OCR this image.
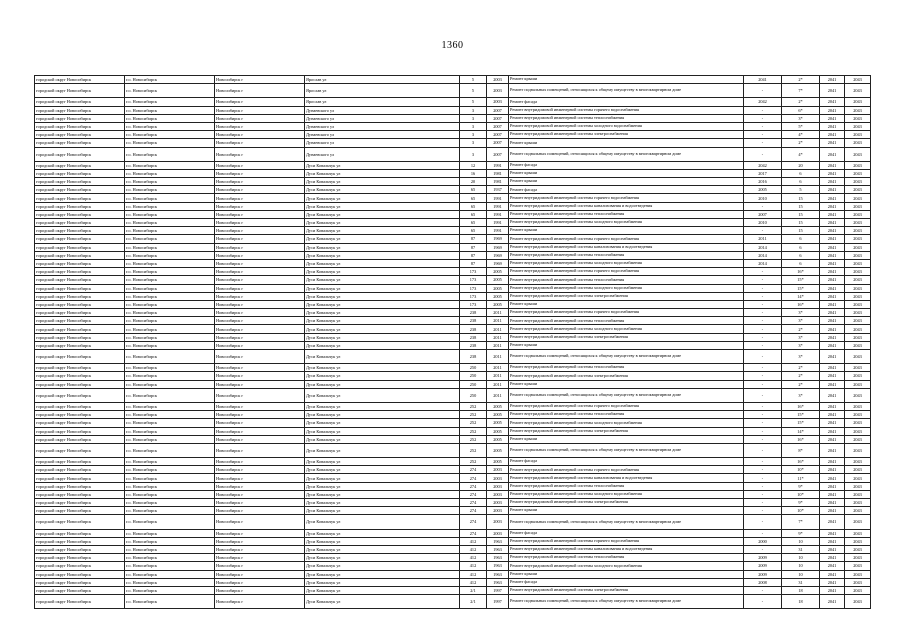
1360
городской округ Новосибирск	г.о. Новосибирск	Новосибирск г	Ярослав ул	5	2003	Ремонт крыши	2041	2*	2041	2043
городской округ Новосибирск	г.о. Новосибирск	Новосибирск г	Ярослав ул	5	2003	Ремонт подвальных помещений, относящихся к общему имуществу в многоквартирном доме	-	7*	2041	2043
городской округ Новосибирск	г.о. Новосибирск	Новосибирск г	Ярослав ул	5	2003	Ремонт фасада	2042	2*	2041	2043
городской округ Новосибирск	г.о. Новосибирск	Новосибирск г	Дунаевского ул	3	2007	Ремонт внутридомовой инженерной системы горячего водоснабжения	-	6*	2041	2043
городской округ Новосибирск	г.о. Новосибирск	Новосибирск г	Дунаевского ул	3	2007	Ремонт внутридомовой инженерной системы теплоснабжения	-	3*	2041	2043
городской округ Новосибирск	г.о. Новосибирск	Новосибирск г	Дунаевского ул	3	2007	Ремонт внутридомовой инженерной системы холодного водоснабжения	-	5*	2041	2043
городской округ Новосибирск	г.о. Новосибирск	Новосибирск г	Дунаевского ул	3	2007	Ремонт внутридомовой инженерной системы электроснабжения	-	4*	2041	2043
городской округ Новосибирск	г.о. Новосибирск	Новосибирск г	Дунаевского ул	3	2007	Ремонт крыши	-	2*	2041	2043
городской округ Новосибирск	г.о. Новосибирск	Новосибирск г	Дунаевского ул	3	2007	Ремонт подвальных помещений, относящихся к общему имуществу в многоквартирном доме	-	4*	2041	2043
городской округ Новосибирск	г.о. Новосибирск	Новосибирск г	Дуси Ковальчук ул	12	1991	Ремонт фасада	2042	20	2041	2043
городской округ Новосибирск	г.о. Новосибирск	Новосибирск г	Дуси Ковальчук ул	16	1981	Ремонт крыши	2017	6	2041	2043
городской округ Новосибирск	г.о. Новосибирск	Новосибирск г	Дуси Ковальчук ул	20	1981	Ремонт крыши	2016	6	2041	2043
городской округ Новосибирск	г.о. Новосибирск	Новосибирск г	Дуси Ковальчук ул	65	1937	Ремонт фасада	2005	5	2041	2043
городской округ Новосибирск	г.о. Новосибирск	Новосибирск г	Дуси Ковальчук ул	65	1991	Ремонт внутридомовой инженерной системы горячего водоснабжения	2010	15	2041	2043
городской округ Новосибирск	г.о. Новосибирск	Новосибирск г	Дуси Ковальчук ул	65	1991	Ремонт внутридомовой инженерной системы канализования и водоотведения	-	15	2041	2043
городской округ Новосибирск	г.о. Новосибирск	Новосибирск г	Дуси Ковальчук ул	65	1991	Ремонт внутридомовой инженерной системы теплоснабжения	2007	15	2041	2043
городской округ Новосибирск	г.о. Новосибирск	Новосибирск г	Дуси Ковальчук ул	65	1991	Ремонт внутридомовой инженерной системы холодного водоснабжения	2010	15	2041	2043
городской округ Новосибирск	г.о. Новосибирск	Новосибирск г	Дуси Ковальчук ул	65	1991	Ремонт крыши	-	15	2041	2043
городской округ Новосибирск	г.о. Новосибирск	Новосибирск г	Дуси Ковальчук ул	87	1969	Ремонт внутридомовой инженерной системы горячего водоснабжения	2011	6	2041	2043
городской округ Новосибирск	г.о. Новосибирск	Новосибирск г	Дуси Ковальчук ул	87	1969	Ремонт внутридомовой инженерной системы канализования и водоотведения	2014	6	2041	2043
городской округ Новосибирск	г.о. Новосибирск	Новосибирск г	Дуси Ковальчук ул	87	1969	Ремонт внутридомовой инженерной системы теплоснабжения	2014	6	2041	2043
городской округ Новосибирск	г.о. Новосибирск	Новосибирск г	Дуси Ковальчук ул	87	1969	Ремонт внутридомовой инженерной системы холодного водоснабжения	2014	6	2041	2043
городской округ Новосибирск	г.о. Новосибирск	Новосибирск г	Дуси Ковальчук ул	173	2005	Ремонт внутридомовой инженерной системы горячего водоснабжения	-	16*	2041	2043
городской округ Новосибирск	г.о. Новосибирск	Новосибирск г	Дуси Ковальчук ул	173	2005	Ремонт внутридомовой инженерной системы теплоснабжения	-	15*	2041	2043
городской округ Новосибирск	г.о. Новосибирск	Новосибирск г	Дуси Ковальчук ул	173	2005	Ремонт внутридомовой инженерной системы холодного водоснабжения	-	15*	2041	2043
городской округ Новосибирск	г.о. Новосибирск	Новосибирск г	Дуси Ковальчук ул	173	2005	Ремонт внутридомовой инженерной системы электроснабжения	-	14*	2041	2043
городской округ Новосибирск	г.о. Новосибирск	Новосибирск г	Дуси Ковальчук ул	173	2005	Ремонт крыши	-	16*	2041	2043
городской округ Новосибирск	г.о. Новосибирск	Новосибирск г	Дуси Ковальчук ул	238	2011	Ремонт внутридомовой инженерной системы горячего водоснабжения	-	3*	2041	2043
городской округ Новосибирск	г.о. Новосибирск	Новосибирск г	Дуси Ковальчук ул	238	2011	Ремонт внутридомовой инженерной системы теплоснабжения	-	3*	2041	2043
городской округ Новосибирск	г.о. Новосибирск	Новосибирск г	Дуси Ковальчук ул	238	2011	Ремонт внутридомовой инженерной системы холодного водоснабжения	-	2*	2041	2043
городской округ Новосибирск	г.о. Новосибирск	Новосибирск г	Дуси Ковальчук ул	238	2011	Ремонт внутридомовой инженерной системы электроснабжения	-	3*	2041	2043
городской округ Новосибирск	г.о. Новосибирск	Новосибирск г	Дуси Ковальчук ул	238	2011	Ремонт крыши	-	3*	2041	2043
городской округ Новосибирск	г.о. Новосибирск	Новосибирск г	Дуси Ковальчук ул	238	2011	Ремонт подвальных помещений, относящихся к общему имуществу в многоквартирном доме	-	3*	2041	2043
городской округ Новосибирск	г.о. Новосибирск	Новосибирск г	Дуси Ковальчук ул	250	2011	Ремонт внутридомовой инженерной системы теплоснабжения	-	2*	2041	2043
городской округ Новосибирск	г.о. Новосибирск	Новосибирск г	Дуси Ковальчук ул	250	2011	Ремонт внутридомовой инженерной системы электроснабжения	-	2*	2041	2043
городской округ Новосибирск	г.о. Новосибирск	Новосибирск г	Дуси Ковальчук ул	250	2011	Ремонт крыши	-	2*	2041	2043
городской округ Новосибирск	г.о. Новосибирск	Новосибирск г	Дуси Ковальчук ул	250	2011	Ремонт подвальных помещений, относящихся к общему имуществу в многоквартирном доме	-	3*	2041	2043
городской округ Новосибирск	г.о. Новосибирск	Новосибирск г	Дуси Ковальчук ул	252	2005	Ремонт внутридомовой инженерной системы горячего водоснабжения	-	16*	2041	2043
городской округ Новосибирск	г.о. Новосибирск	Новосибирск г	Дуси Ковальчук ул	252	2005	Ремонт внутридомовой инженерной системы теплоснабжения	-	15*	2041	2043
городской округ Новосибирск	г.о. Новосибирск	Новосибирск г	Дуси Ковальчук ул	252	2005	Ремонт внутридомовой инженерной системы холодного водоснабжения	-	15*	2041	2043
городской округ Новосибирск	г.о. Новосибирск	Новосибирск г	Дуси Ковальчук ул	252	2005	Ремонт внутридомовой инженерной системы электроснабжения	-	14*	2041	2043
городской округ Новосибирск	г.о. Новосибирск	Новосибирск г	Дуси Ковальчук ул	252	2005	Ремонт крыши	-	16*	2041	2043
городской округ Новосибирск	г.о. Новосибирск	Новосибирск г	Дуси Ковальчук ул	252	2005	Ремонт подвальных помещений, относящихся к общему имуществу в многоквартирном доме	-	8*	2041	2043
городской округ Новосибирск	г.о. Новосибирск	Новосибирск г	Дуси Ковальчук ул	252	2005	Ремонт фасада	-	16*	2041	2043
городской округ Новосибирск	г.о. Новосибирск	Новосибирск г	Дуси Ковальчук ул	274	2003	Ремонт внутридомовой инженерной системы горячего водоснабжения	-	10*	2041	2043
городской округ Новосибирск	г.о. Новосибирск	Новосибирск г	Дуси Ковальчук ул	274	2003	Ремонт внутридомовой инженерной системы канализования и водоотведения	-	11*	2041	2043
городской округ Новосибирск	г.о. Новосибирск	Новосибирск г	Дуси Ковальчук ул	274	2003	Ремонт внутридомовой инженерной системы теплоснабжения	-	9*	2041	2043
городской округ Новосибирск	г.о. Новосибирск	Новосибирск г	Дуси Ковальчук ул	274	2003	Ремонт внутридомовой инженерной системы холодного водоснабжения	-	10*	2041	2043
городской округ Новосибирск	г.о. Новосибирск	Новосибирск г	Дуси Ковальчук ул	274	2003	Ремонт внутридомовой инженерной системы электроснабжения	-	9*	2041	2043
городской округ Новосибирск	г.о. Новосибирск	Новосибирск г	Дуси Ковальчук ул	274	2003	Ремонт крыши	-	10*	2041	2043
городской округ Новосибирск	г.о. Новосибирск	Новосибирск г	Дуси Ковальчук ул	274	2003	Ремонт подвальных помещений, относящихся к общему имуществу в многоквартирном доме	-	7*	2041	2043
городской округ Новосибирск	г.о. Новосибирск	Новосибирск г	Дуси Ковальчук ул	274	2003	Ремонт фасада	-	9*	2041	2043
городской округ Новосибирск	г.о. Новосибирск	Новосибирск г	Дуси Ковальчук ул	412	1963	Ремонт внутридомовой инженерной системы горячего водоснабжения	2000	10	2041	2043
городской округ Новосибирск	г.о. Новосибирск	Новосибирск г	Дуси Ковальчук ул	412	1963	Ремонт внутридомовой инженерной системы канализования и водоотведения	-	31	2041	2043
городской округ Новосибирск	г.о. Новосибирск	Новосибирск г	Дуси Ковальчук ул	412	1963	Ремонт внутридомовой инженерной системы теплоснабжения	2009	10	2041	2043
городской округ Новосибирск	г.о. Новосибирск	Новосибирск г	Дуси Ковальчук ул	412	1963	Ремонт внутридомовой инженерной системы холодного водоснабжения	2009	10	2041	2043
городской округ Новосибирск	г.о. Новосибирск	Новосибирск г	Дуси Ковальчук ул	412	1963	Ремонт крыши	2009	10	2041	2043
городской округ Новосибирск	г.о. Новосибирск	Новосибирск г	Дуси Ковальчук ул	412	1963	Ремонт фасада	2008	31	2041	2043
городской округ Новосибирск	г.о. Новосибирск	Новосибирск г	Дуси Ковальчук ул	2/1	1997	Ремонт внутридомовой инженерной системы электроснабжения	-	18	2041	2043
городской округ Новосибирск	г.о. Новосибирск	Новосибирск г	Дуси Ковальчук ул	2/1	1997	Ремонт подвальных помещений, относящихся к общему имуществу в многоквартирном доме	-	18	2041	2043
